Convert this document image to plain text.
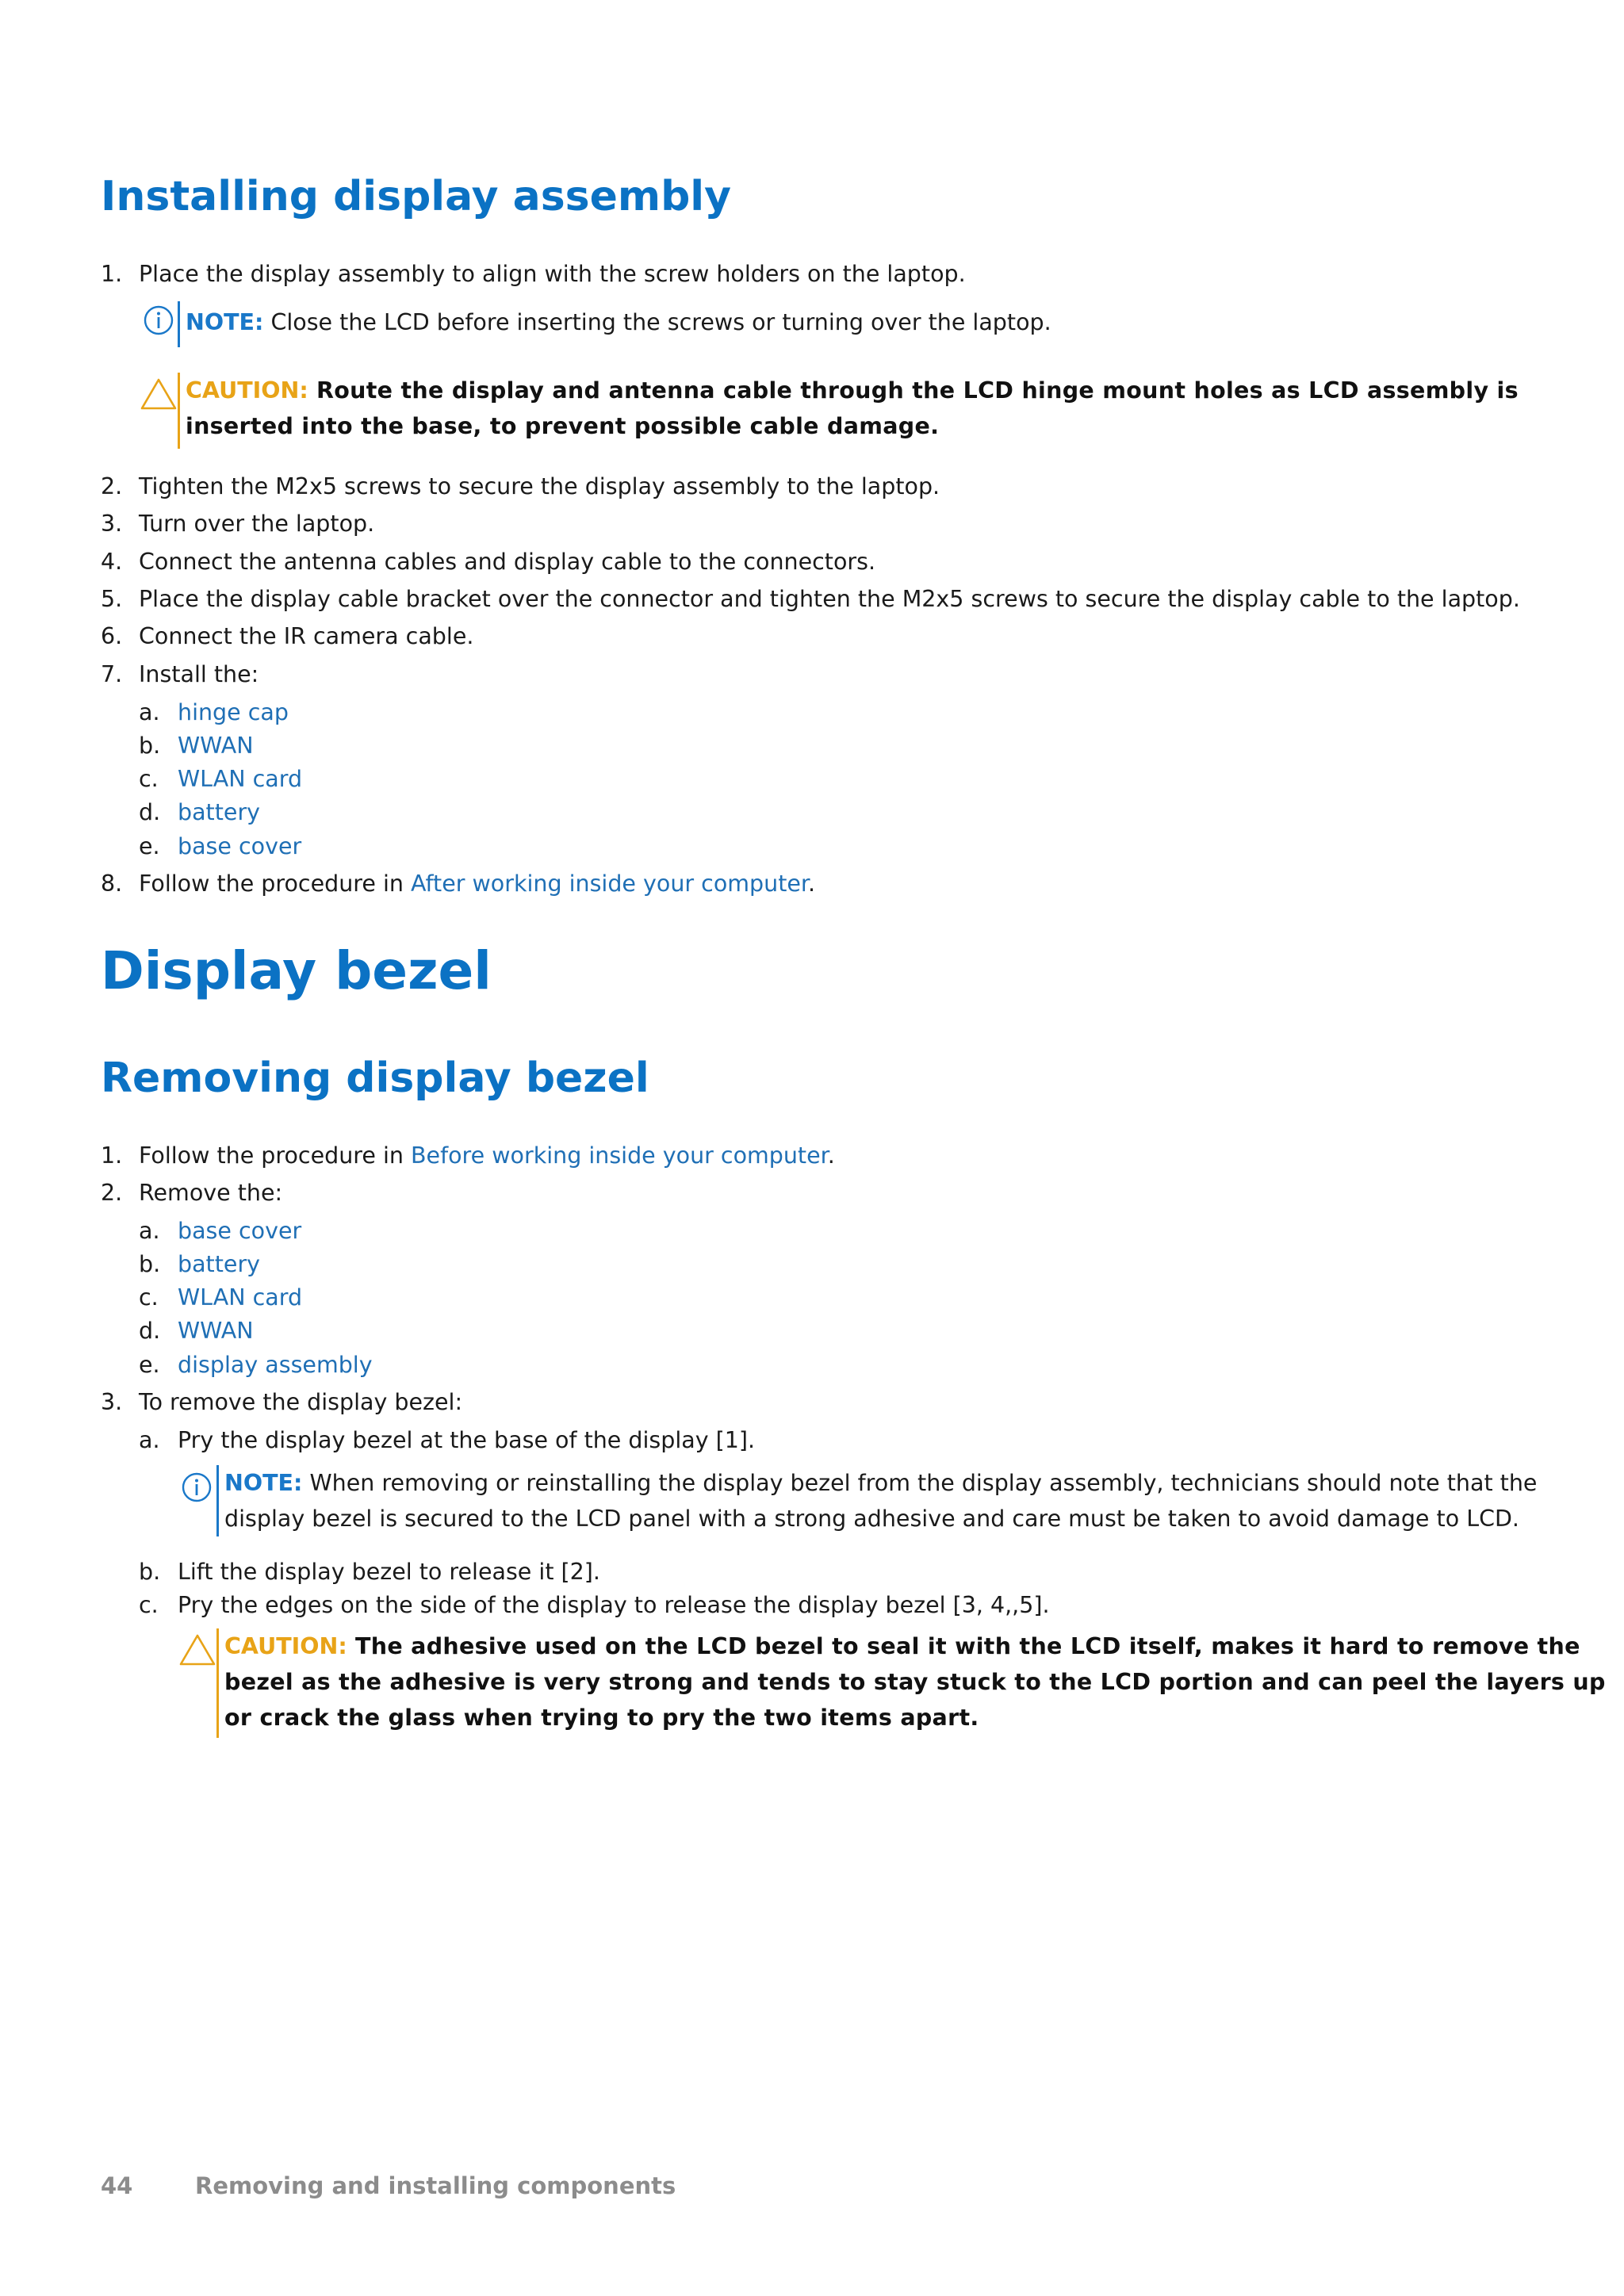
Installing display assembly
1. Place the display assembly to align with the screw holders on the laptop.
NOTE: Close the LCD before inserting the screws or turning over the laptop.
CAUTION: Route the display and antenna cable through the LCD hinge mount holes as LCD assembly is
inserted into the base, to prevent possible cable damage.
2. Tighten the M2x5 screws to secure the display assembly to the laptop.
3. Turn over the laptop.
4. Connect the antenna cables and display cable to the connectors.
5. Place the display cable bracket over the connector and tighten the M2x5 screws to secure the display cable to the laptop.
6. Connect the IR camera cable.
7. Install the:
a. hinge cap
b. WWAN
c. WLAN card
d. battery
e. base cover
8. Follow the procedure in After working inside your computer.
Display bezel
Removing display bezel
1. Follow the procedure in Before working inside your computer.
2. Remove the:
a. base cover
b. battery
c. WLAN card
d. WWAN
e. display assembly
3. To remove the display bezel:
a. Pry the display bezel at the base of the display [1].
NOTE: When removing or reinstalling the display bezel from the display assembly, technicians should note that the
display bezel is secured to the LCD panel with a strong adhesive and care must be taken to avoid damage to LCD.
b. Lift the display bezel to release it [2].
c. Pry the edges on the side of the display to release the display bezel [3, 4,,5].
CAUTION: The adhesive used on the LCD bezel to seal it with the LCD itself, makes it hard to remove the
bezel as the adhesive is very strong and tends to stay stuck to the LCD portion and can peel the layers up
or crack the glass when trying to pry the two items apart.
44	Removing and installing components
